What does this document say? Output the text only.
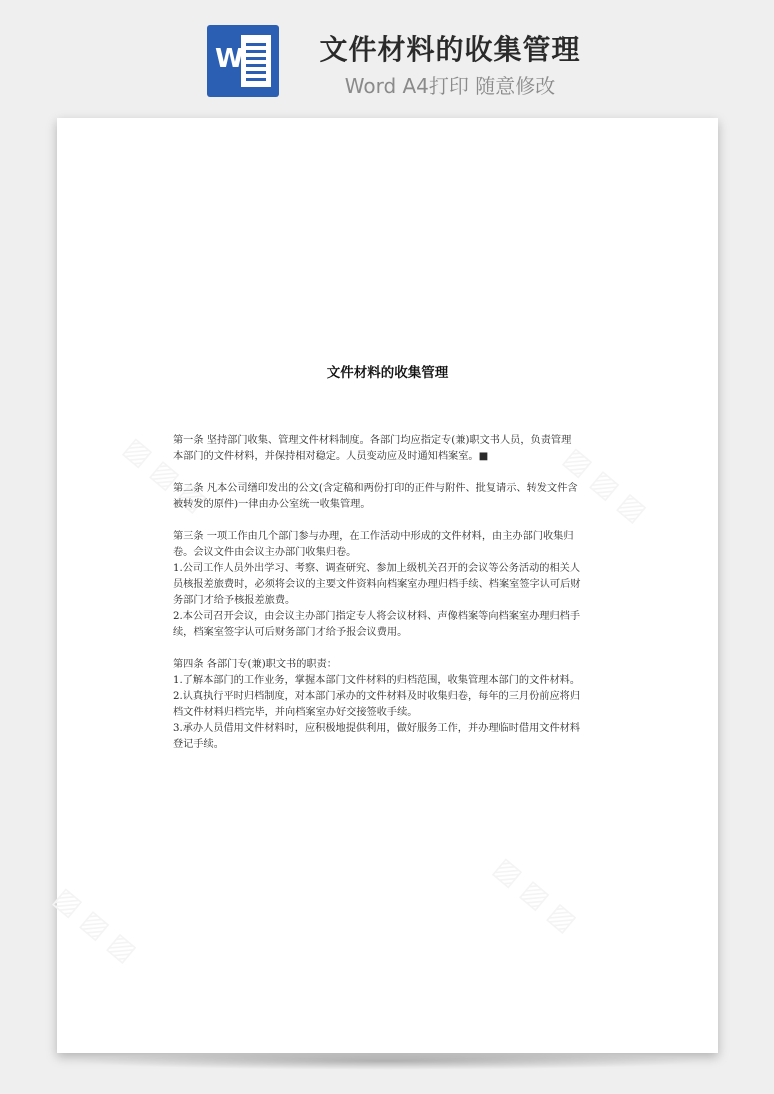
W	文件材料的收集管理
Word A4打印 随意修改
▨ ▨ ▨	▨ ▨ ▨
▨ ▨ ▨	▨ ▨ ▨
文件材料的收集管理

第一条 坚持部门收集、管理文件材料制度。各部门均应指定专(兼)职文书人员，负责管理

本部门的文件材料，并保持相对稳定。人员变动应及时通知档案室。■

第二条 凡本公司缮印发出的公文(含定稿和两份打印的正件与附件、批复请示、转发文件含

被转发的原件)一律由办公室统一收集管理。

第三条 一项工作由几个部门参与办理，在工作活动中形成的文件材料，由主办部门收集归

卷。会议文件由会议主办部门收集归卷。

1.公司工作人员外出学习、考察、调查研究、参加上级机关召开的会议等公务活动的相关人

员核报差旅费时，必须将会议的主要文件资料向档案室办理归档手续、档案室签字认可后财

务部门才给予核报差旅费。

2.本公司召开会议，由会议主办部门指定专人将会议材料、声像档案等向档案室办理归档手

续，档案室签字认可后财务部门才给予报会议费用。

第四条 各部门专(兼)职文书的职责：

1.了解本部门的工作业务，掌握本部门文件材料的归档范围，收集管理本部门的文件材料。

2.认真执行平时归档制度，对本部门承办的文件材料及时收集归卷，每年的三月份前应将归

档文件材料归档完毕，并向档案室办好交接签收手续。

3.承办人员借用文件材料时，应积极地提供利用，做好服务工作，并办理临时借用文件材料

登记手续。
